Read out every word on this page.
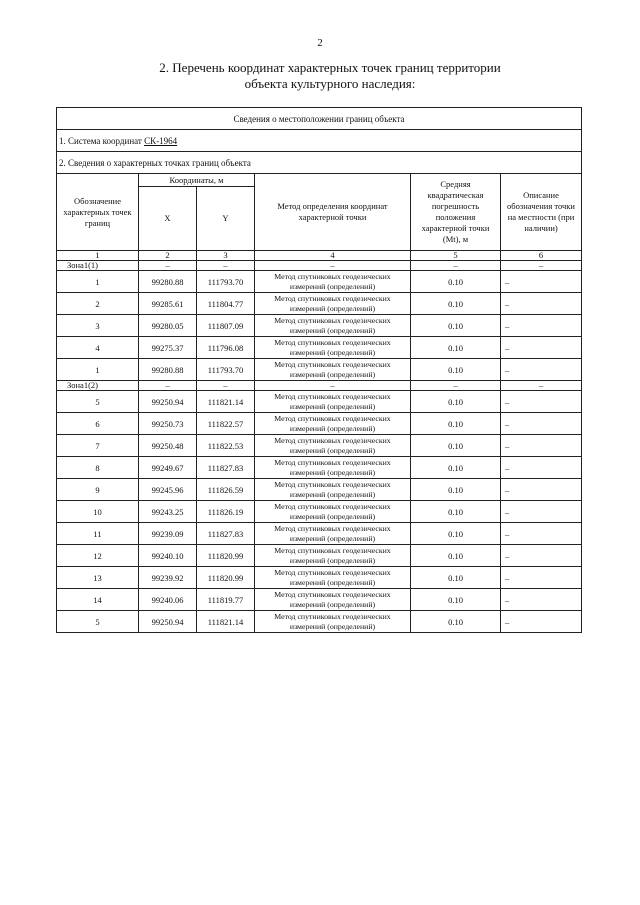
2
2. Перечень координат характерных точек границ территории
объекта культурного наследия:
Сведения о местоположении границ объекта					
1. Система координат СК-1964					
2. Сведения о характерных точках границ объекта					
Обозначение характерных точек границ	Координаты, м		Метод определения координат характерной точки	Средняя квадратическая погрешность положения характерной точки (Mt), м	Описание обозначения точки на местности (при наличии)
	X	Y			
1	2	3	4	5	6
Зона1(1)	–	–	–	–	–
1	99280.88	111793.70	Метод спутниковых геодезических измерений (определений)	0.10	–
2	99285.61	111804.77	Метод спутниковых геодезических измерений (определений)	0.10	–
3	99280.05	111807.09	Метод спутниковых геодезических измерений (определений)	0.10	–
4	99275.37	111796.08	Метод спутниковых геодезических измерений (определений)	0.10	–
1	99280.88	111793.70	Метод спутниковых геодезических измерений (определений)	0.10	–
Зона1(2)	–	–	–	–	–
5	99250.94	111821.14	Метод спутниковых геодезических измерений (определений)	0.10	–
6	99250.73	111822.57	Метод спутниковых геодезических измерений (определений)	0.10	–
7	99250.48	111822.53	Метод спутниковых геодезических измерений (определений)	0.10	–
8	99249.67	111827.83	Метод спутниковых геодезических измерений (определений)	0.10	–
9	99245.96	111826.59	Метод спутниковых геодезических измерений (определений)	0.10	–
10	99243.25	111826.19	Метод спутниковых геодезических измерений (определений)	0.10	–
11	99239.09	111827.83	Метод спутниковых геодезических измерений (определений)	0.10	–
12	99240.10	111820.99	Метод спутниковых геодезических измерений (определений)	0.10	–
13	99239.92	111820.99	Метод спутниковых геодезических измерений (определений)	0.10	–
14	99240.06	111819.77	Метод спутниковых геодезических измерений (определений)	0.10	–
5	99250.94	111821.14	Метод спутниковых геодезических измерений (определений)	0.10	–
